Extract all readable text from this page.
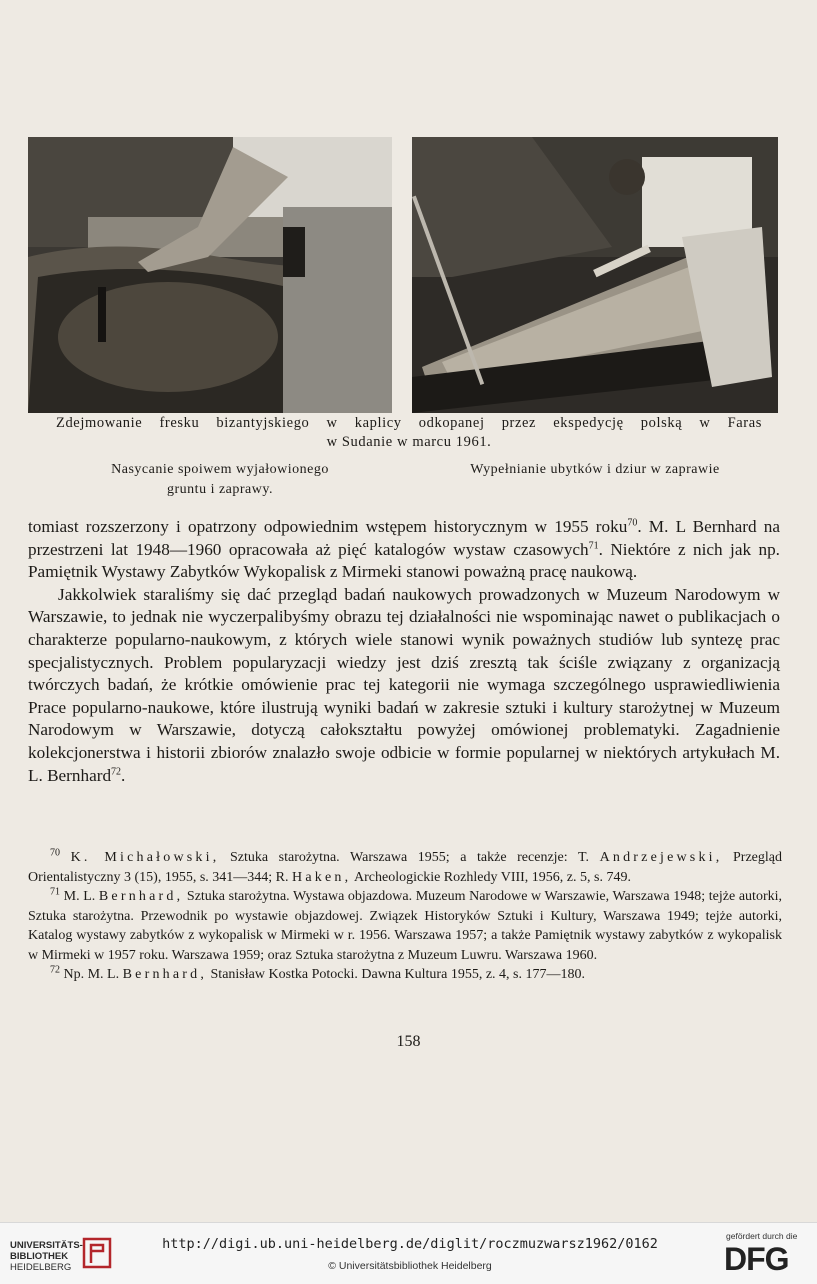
Zdejmowanie fresku bizantyjskiego w kaplicy odkopanej przez ekspedycję polską w Faras
w Sudanie w marcu 1961.
Nasycanie spoiwem wyjałowionego
gruntu i zaprawy.
Wypełnianie ubytków i dziur w zaprawie

tomiast rozszerzony i opatrzony odpowiednim wstępem historycznym w 1955 roku$^{70}$. M. L Bernhard na przestrzeni lat 1948—1960 opracowała aż pięć katalogów wystaw czasowych$^{71}$. Niektóre z nich jak np. Pamiętnik Wystawy Zabytków Wykopalisk z Mirmeki stanowi poważną pracę naukową.

Jakkolwiek staraliśmy się dać przegląd badań naukowych prowadzonych w Muzeum Narodowym w Warszawie, to jednak nie wyczerpalibyśmy obrazu tej działalności nie wspominając nawet o publikacjach o charakterze popularno-naukowym, z których wiele stanowi wynik poważnych studiów lub syntezę prac specjalistycznych. Problem popularyzacji wiedzy jest dziś zresztą tak ściśle związany z organizacją twórczych badań, że krótkie omówienie prac tej kategorii nie wymaga szczególnego usprawiedliwienia Prace popularno-naukowe, które ilustrują wyniki badań w zakresie sztuki i kultury starożytnej w Muzeum Narodowym w Warszawie, dotyczą całokształtu powyżej omówionej problematyki. Zagadnienie kolekcjonerstwa i historii zbiorów znalazło swoje odbicie w formie popularnej w niektórych artykułach M. L. Bernhard$^{72}$.

$^{70}$ K. Michałowski, Sztuka starożytna. Warszawa 1955; a także recenzje: T. Andrzejewski, Przegląd Orientalistyczny 3 (15), 1955, s. 341—344; R. Haken, Archeologickie Rozhledy VIII, 1956, z. 5, s. 749.

$^{71}$ M. L. Bernhard, Sztuka starożytna. Wystawa objazdowa. Muzeum Narodowe w Warszawie, Warszawa 1948; tejże autorki, Sztuka starożytna. Przewodnik po wystawie objazdowej. Związek Historyków Sztuki i Kultury, Warszawa 1949; tejże autorki, Katalog wystawy zabytków z wykopalisk w Mirmeki w r. 1956. Warszawa 1957; a także Pamiętnik wystawy zabytków z wykopalisk w Mirmeki w 1957 roku. Warszawa 1959; oraz Sztuka starożytna z Muzeum Luwru. Warszawa 1960.

$^{72}$ Np. M. L. Bernhard, Stanisław Kostka Potocki. Dawna Kultura 1955, z. 4, s. 177—180.

158
UNIVERSITÄTS-
BIBLIOTHEK
HEIDELBERG
http://digi.ub.uni-heidelberg.de/diglit/roczmuzwarsz1962/0162
© Universitätsbibliothek Heidelberg
gefördert durch die
DFG
